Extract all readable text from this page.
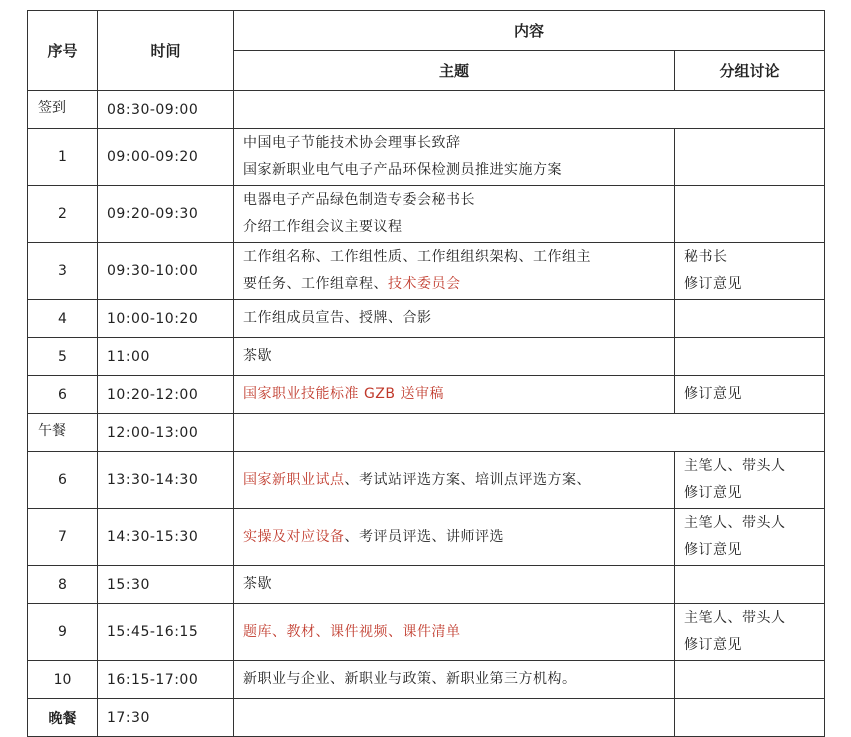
序号	时间	内容	
		主题	分组讨论
签到	08:30-09:00		
1	09:00-09:20	中国电子节能技术协会理事长致辞
国家新职业电气电子产品环保检测员推进实施方案	

2	09:20-09:30	电器电子产品绿色制造专委会秘书长
介绍工作组会议主要议程	

3	09:30-10:00	工作组名称、工作组性质、工作组组织架构、工作组主
要任务、工作组章程、技术委员会	秘书长
修订意见

4	10:00-10:20	工作组成员宣告、授牌、合影	
5	11:00	茶歇	
6	10:20-12:00	国家职业技能标准 GZB 送审稿	修订意见
午餐	12:00-13:00		
6	13:30-14:30	国家新职业试点、考试站评选方案、培训点评选方案、	主笔人、带头人
修订意见

7	14:30-15:30	实操及对应设备、考评员评选、讲师评选	主笔人、带头人
修订意见

8	15:30	茶歇	
9	15:45-16:15	题库、教材、课件视频、课件清单	主笔人、带头人
修订意见

10	16:15-17:00	新职业与企业、新职业与政策、新职业第三方机构。	
晚餐	17:30		
